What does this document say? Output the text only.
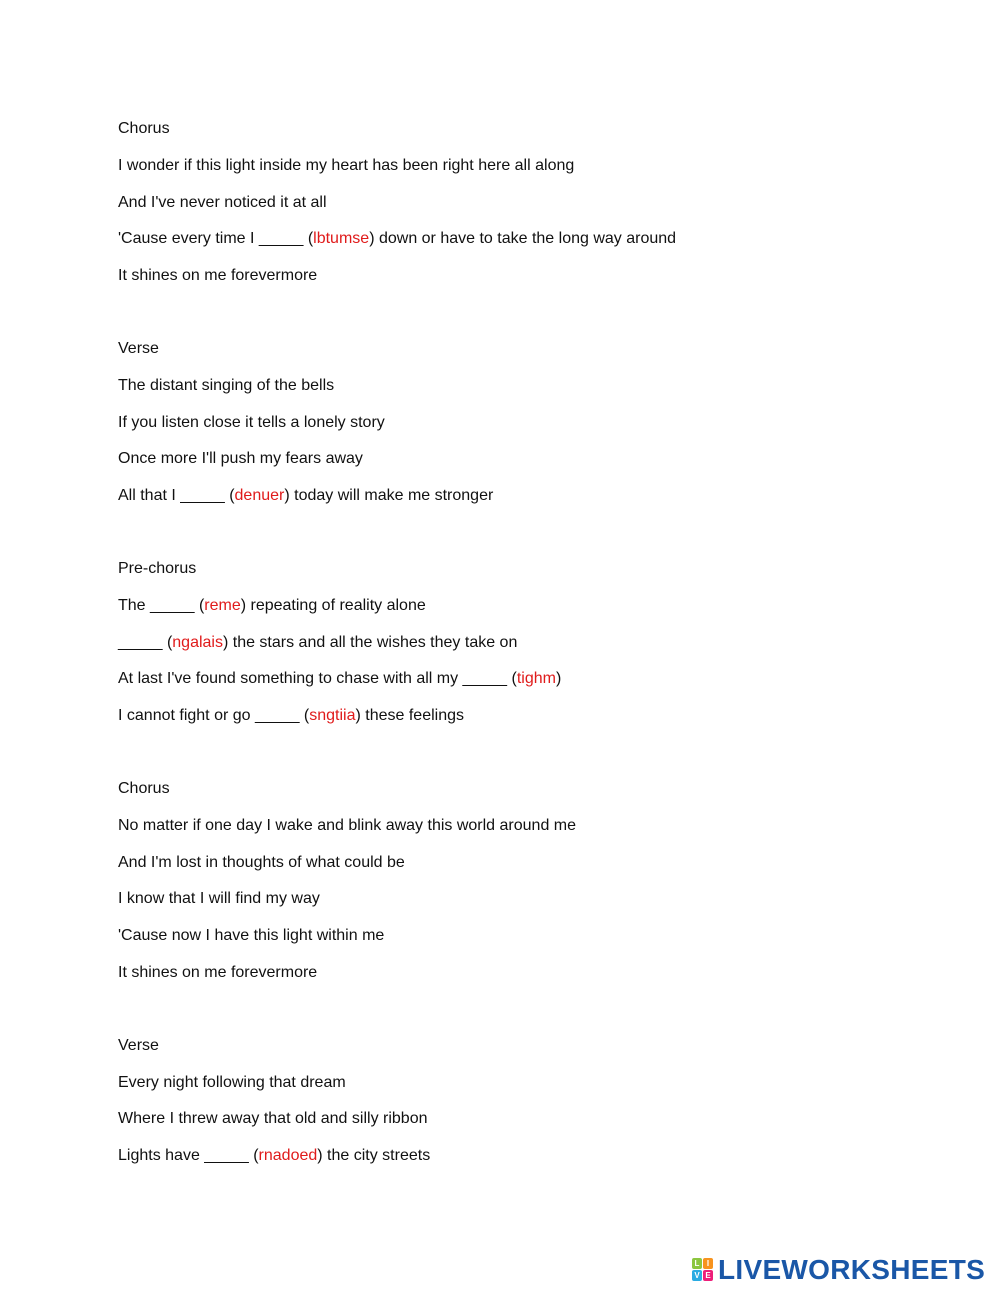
Chorus
I wonder if this light inside my heart has been right here all along
And I've never noticed it at all
'Cause every time I _____ (lbtumse) down or have to take the long way around
It shines on me forevermore
Verse
The distant singing of the bells
If you listen close it tells a lonely story
Once more I'll push my fears away
All that I _____ (denuer) today will make me stronger
Pre-chorus
The _____ (reme) repeating of reality alone
_____ (ngalais) the stars and all the wishes they take on
At last I've found something to chase with all my _____ (tighm)
I cannot fight or go _____ (sngtiia) these feelings
Chorus
No matter if one day I wake and blink away this world around me
And I'm lost in thoughts of what could be
I know that I will find my way
'Cause now I have this light within me
It shines on me forevermore
Verse
Every night following that dream
Where I threw away that old and silly ribbon
Lights have _____ (rnadoed) the city streets
L I
V E LIVEWORKSHEETS
